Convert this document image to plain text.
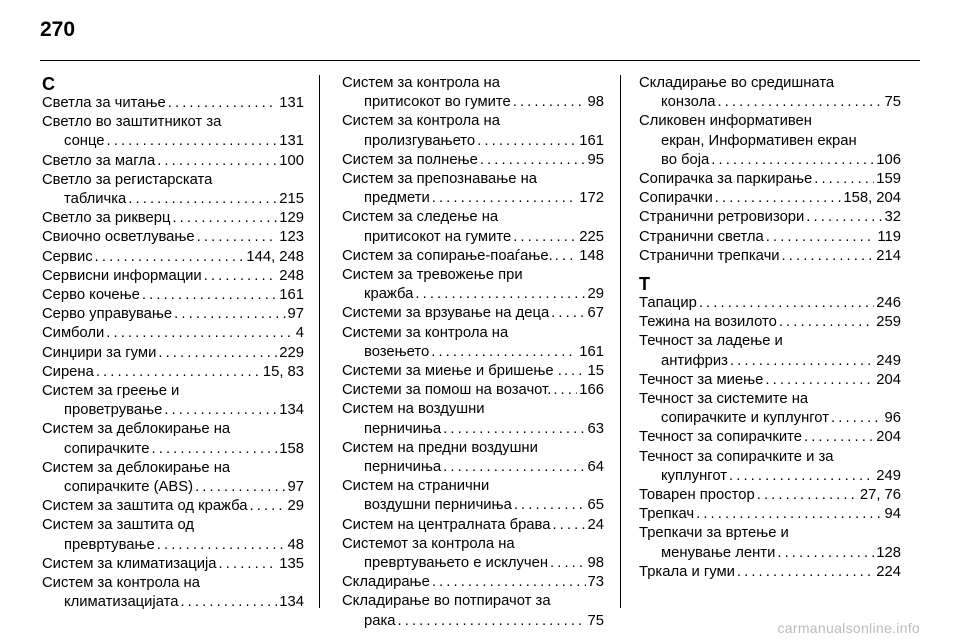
270
С
Светла за читање . . .	131
Светло во заштитникот за
сонце . . .	131
Светло за магла . . .	100
Светло за регистарската
табличка . . .	215
Светло за рикверц . . .	129
Свиочно осветлување . . .	123
Сервис . . .	144, 248
Сервисни информации . . .	248
Серво кочење . . .	161
Серво управување . . .	97
Симболи . . .	4
Синџири за гуми . . .	229
Сирена . . .	15, 83
Систем за греење и
проветрување . . .	134
Систем за деблокирање на
сопирачките . . .	158
Систем за деблокирање на
сопирачките (ABS) . . .	97
Систем за заштита од кражба . . .	29
Систем за заштита од
превртување . . .	48
Систем за климатизација . . .	135
Систем за контрола на
климатизацијата . . .	134
Систем за контрола на
притисокот во гумите . . .	98
Систем за контрола на
пролизгувањето . . .	161
Систем за полнење . . .	95
Систем за препознавање на
предмети . . .	172
Систем за следење на
притисокот на гумите . . .	225
Систем за сопирање-поаѓање. . . . 148
Систем за тревожење при
кражба . . .	29
Системи за врзување на деца . . .	67
Системи за контрола на
возењето . . .	161
Системи за миење и бришење . . . . 15
Системи за помош на возачот. . . . 166
Систем на воздушни
перничиња . . .	63
Систем на предни воздушни
перничиња . . .	64
Систем на странични
воздушни перничиња . . .	65
Систем на централната брава . . .	24
Системот за контрола на
превртувањето е исклучен . . .	98
Складирање . . .	73
Складирање во потпирачот за
рака . . .	75
Складирање во средишната
конзола . . .	75
Сликовен информативен
екран, Информативен екран
во боја . . .	106
Сопирачка за паркирање . . .	159
Сопирачки . . .	158, 204
Странични ретровизори . . .	32
Странични светла . . .	119
Странични трепкачи . . .	214
Т
Тапацир . . .	246
Тежина на возилото . . .	259
Течност за ладење и
антифриз . . .	249
Течност за миење . . .	204
Течност за системите на
сопирачките и куплунгот . . .	96
Течност за сопирачките . . .	204
Течност за сопирачките и за
куплунгот . . .	249
Товарен простор . . .	27, 76
Трепкач . . .	94
Трепкачи за вртење и
менување ленти . . .	128
Тркала и гуми . . .	224
carmanualsonline.info
